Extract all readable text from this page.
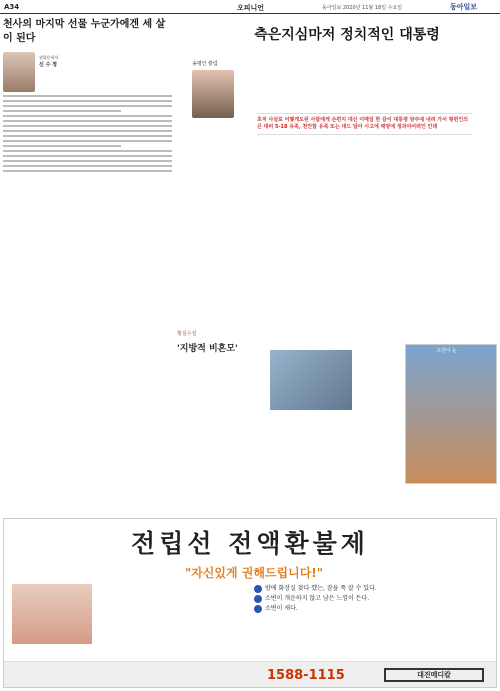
A34	오피니언	동아일보 2020년 11월 18일 수요일	동아일보
천사의 마지막 선물 누군가에겐 세 살이 된다
권위문학서
신 수 정
측은지심마저 정치적인 대통령
송평인 칼럼
초저 사실로 어떻게도된 사람에게 손편지 대신 이메일 한 갈이 대통령 양주에 내려 가서 형편인의 큰 대비 5-18 유족, 천안함 유족 또는 대드 달아 사고에 태양에 정과야어떠인 인데
횡설수설
'지방적 비혼모'	고양이 눈
전립선 전액환불제
"자신있게 권해드립니다!"
밤에 화장실 찾다 깼는, 잠을 푹 잘 수 있다.
소변이 개운하지 않고 남은 느낌이 든다.
소변이 새다.
1588-1115	대진메디칼
